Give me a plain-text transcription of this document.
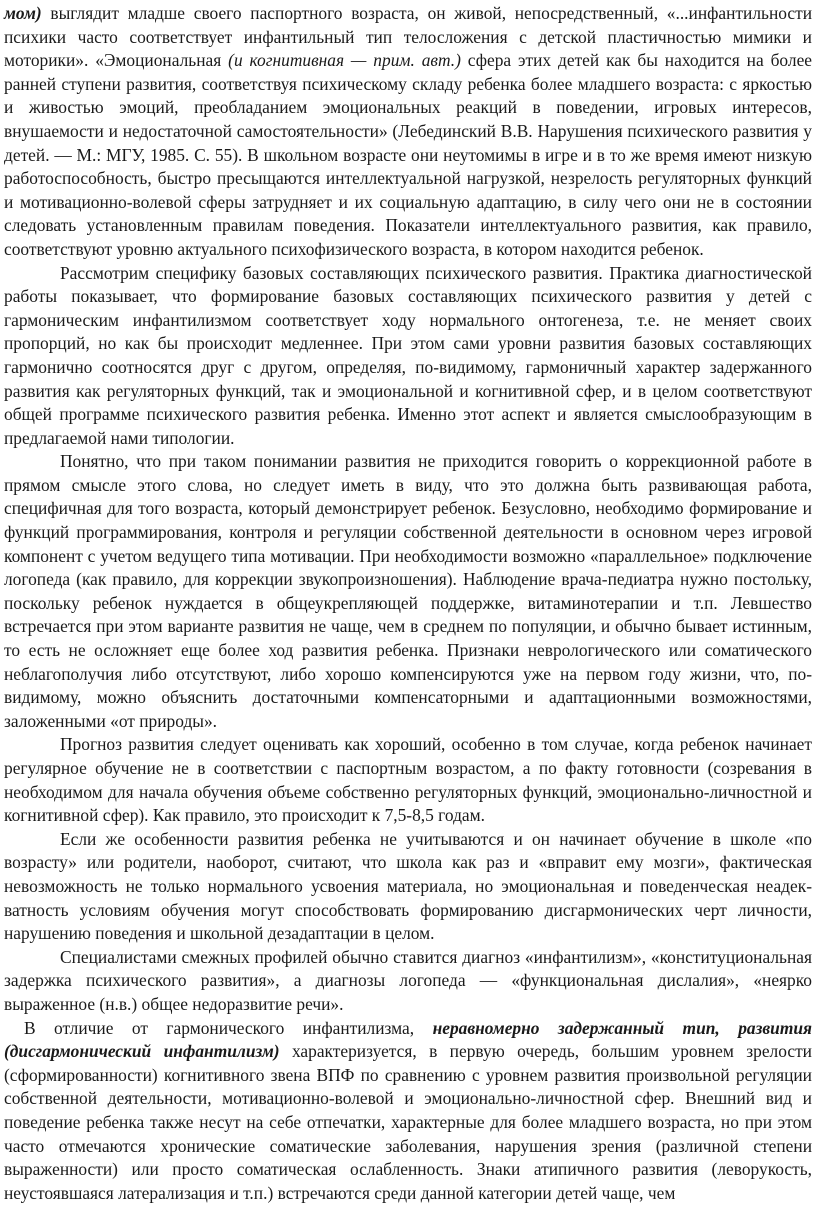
мом) выглядит младше своего паспортного возраста, он живой, непосредственный, «...инфантильности психики часто соответствует инфантильный тип телосложения с детской пластичностью мимики и моторики». «Эмоциональная (и когнитивная — прим. авт.) сфера этих детей как бы находится на более ранней ступени развития, соответствуя психическому складу ребенка более младшего возраста: с яркостью и живостью эмоций, преобладанием эмоциональных реакций в поведении, игровых интересов, внушаемости и недостаточной самостоятельности» (Лебединский В.В. Нарушения психического развития у детей. — М.: МГУ, 1985. С. 55). В школьном возрасте они неутомимы в игре и в то же время имеют низкую работоспособность, быстро пресыщаются интеллектуальной нагрузкой, незрелость регуляторных функций и мотивационно-волевой сферы затрудняет и их социальную адаптацию, в силу чего они не в состоянии следовать установленным правилам поведения. Показатели интеллектуального развития, как правило, соответствуют уровню актуального психофизического возраста, в котором находится ребенок.

Рассмотрим специфику базовых составляющих психического развития. Практика диагностической работы показывает, что формирование базовых составляющих психического развития у детей с гармоническим инфантилизмом соответствует ходу нормального онтогенеза, т.е. не меняет своих пропорций, но как бы происходит медленнее. При этом сами уровни развития базовых составляющих гармонично соотносятся друг с другом, определяя, по-видимому, гармоничный характер задержанного развития как регуляторных функций, так и эмоциональной и когнитивной сфер, и в целом соответствуют общей программе психического развития ребенка. Именно этот аспект и является смыслообразующим в предлагаемой нами типологии.

Понятно, что при таком понимании развития не приходится говорить о коррекционной работе в прямом смысле этого слова, но следует иметь в виду, что это должна быть развивающая работа, специфичная для того возраста, который демонстрирует ребенок. Безусловно, необходимо формирование и функций программирования, контроля и регуляции собственной деятельности в основном через игровой компонент с учетом ведущего типа мотивации. При необходимости возможно «параллельное» подключение логопеда (как правило, для коррекции звукопроизношения). Наблюдение врача-педиатра нужно постольку, поскольку ребенок нуждается в общеукрепляющей поддержке, витаминотерапии и т.п. Левшество встречается при этом варианте развития не чаще, чем в среднем по популяции, и обычно бывает истинным, то есть не осложняет еще более ход развития ребенка. Признаки неврологического или соматического неблагополучия либо отсутствуют, либо хорошо компенсируются уже на первом году жизни, что, по-видимому, можно объяснить достаточными компенсаторными и адаптационными возможностями, заложенными «от природы».

Прогноз развития следует оценивать как хороший, особенно в том случае, когда ребенок начинает регулярное обучение не в соответствии с паспортным возрастом, а по факту готовности (созревания в необходимом для начала обучения объеме собственно регуляторных функций, эмоционально-личностной и когнитивной сфер). Как правило, это происходит к 7,5-8,5 годам.

Если же особенности развития ребенка не учитываются и он начинает обучение в школе «по возрасту» или родители, наоборот, считают, что школа как раз и «вправит ему мозги», фактическая невозможность не только нормального усвоения материала, но эмоциональная и поведенческая неадек-ватность условиям обучения могут способствовать формированию дисгармонических черт личности, нарушению поведения и школьной дезадаптации в целом.

Специалистами смежных профилей обычно ставится диагноз «инфантилизм», «конституциональная задержка психического развития», а диагнозы логопеда — «функциональная дислалия», «неярко выраженное (н.в.) общее недоразвитие речи».

В отличие от гармонического инфантилизма, неравномерно задержанный тип, развития (дисгармонический инфантилизм) характеризуется, в первую очередь, большим уровнем зрелости (сформированности) когнитивного звена ВПФ по сравнению с уровнем развития произвольной регуляции собственной деятельности, мотивационно-волевой и эмоционально-личностной сфер. Внешний вид и поведение ребенка также несут на себе отпечатки, характерные для более младшего возраста, но при этом часто отмечаются хронические соматические заболевания, нарушения зрения (различной степени выраженности) или просто соматическая ослабленность. Знаки атипичного развития (леворукость, неустоявшаяся латерализация и т.п.) встречаются среди данной категории детей чаще, чем
